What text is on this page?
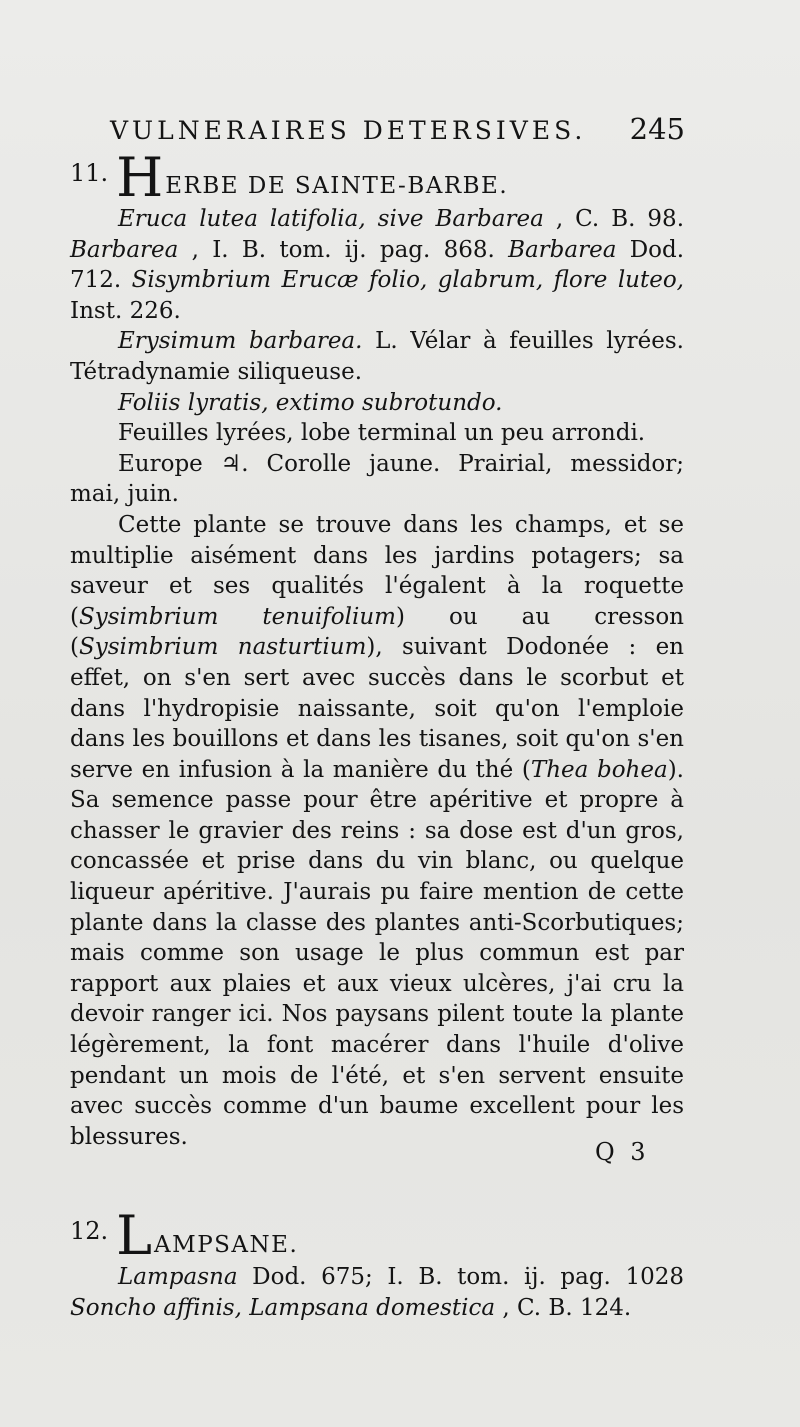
VULNERAIRES DETERSIVES. 245
11. H ERBE DE SAINTE-BARBE.

Eruca lutea latifolia, sive Barbarea , C. B. 98. Barbarea , I. B. tom. ij. pag. 868. Barbarea Dod. 712. Sisymbrium Erucæ folio, glabrum, flore luteo, Inst. 226.

Erysimum barbarea. L. Vélar à feuilles lyrées. Tétradynamie siliqueuse.

Foliis lyratis, extimo subrotundo.

Feuilles lyrées, lobe terminal un peu arrondi.

Europe ♃. Corolle jaune. Prairial, messidor; mai, juin.

Cette plante se trouve dans les champs, et se multiplie aisément dans les jardins potagers; sa saveur et ses qualités l'égalent à la roquette (Sysimbrium tenuifolium) ou au cresson (Sysimbrium nasturtium), suivant Dodonée : en effet, on s'en sert avec succès dans le scorbut et dans l'hydropisie naissante, soit qu'on l'emploie dans les bouillons et dans les tisanes, soit qu'on s'en serve en infusion à la manière du thé (Thea bohea). Sa semence passe pour être apéritive et propre à chasser le gravier des reins : sa dose est d'un gros, concassée et prise dans du vin blanc, ou quelque liqueur apéritive. J'aurais pu faire mention de cette plante dans la classe des plantes anti-Scorbutiques; mais comme son usage le plus commun est par rapport aux plaies et aux vieux ulcères, j'ai cru la devoir ranger ici. Nos paysans pilent toute la plante légèrement, la font macérer dans l'huile d'olive pendant un mois de l'été, et s'en servent ensuite avec succès comme d'un baume excellent pour les blessures.

12. L AMPSANE.

Lampasna Dod. 675; I. B. tom. ij. pag. 1028 Soncho affinis, Lampsana domestica , C. B. 124.

Q 3
